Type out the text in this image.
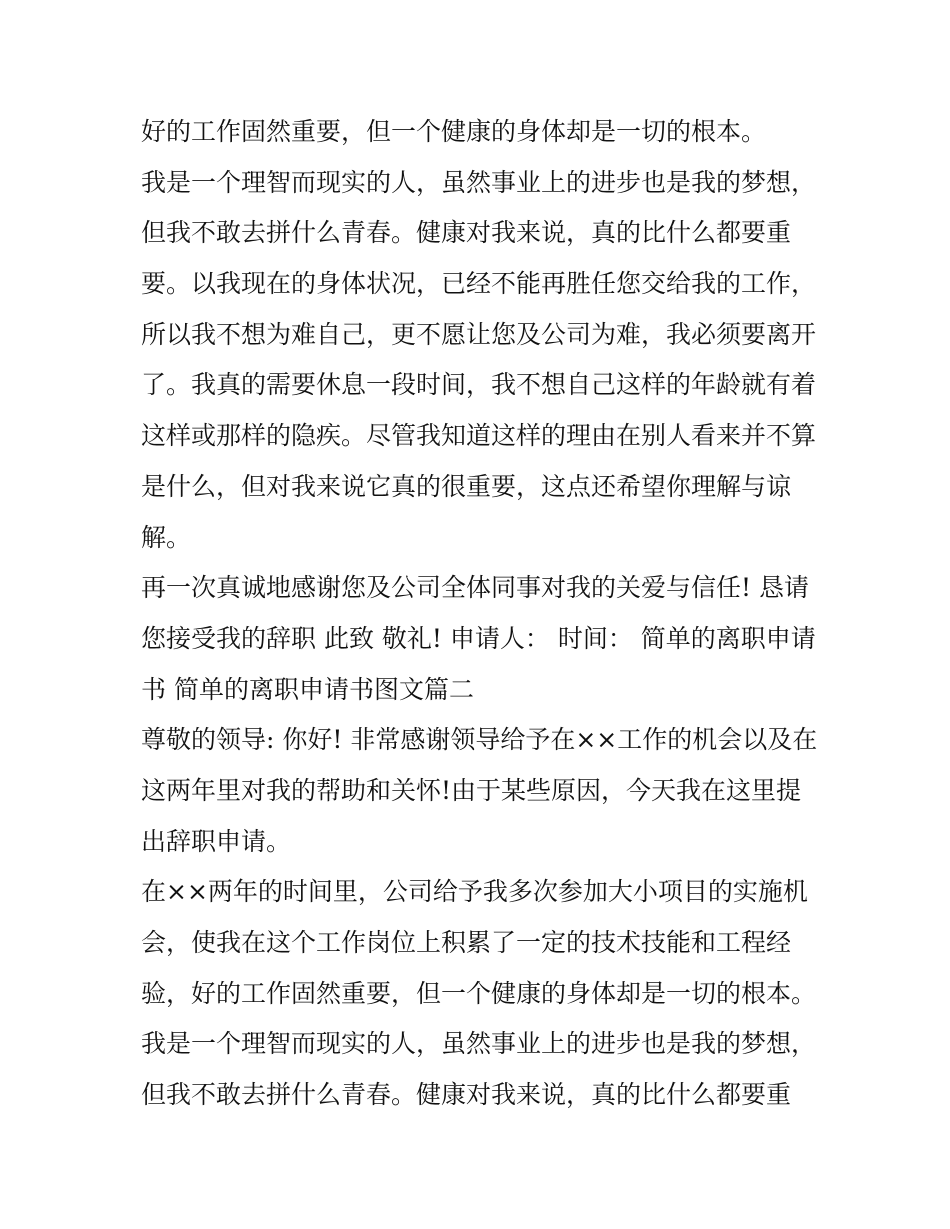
好的工作固然重要，但一个健康的身体却是一切的根本。

我是一个理智而现实的人，虽然事业上的进步也是我的梦想，
但我不敢去拼什么青春。健康对我来说，真的比什么都要重
要。以我现在的身体状况，已经不能再胜任您交给我的工作，
所以我不想为难自己，更不愿让您及公司为难，我必须要离开
了。我真的需要休息一段时间，我不想自己这样的年龄就有着
这样或那样的隐疾。尽管我知道这样的理由在别人看来并不算
是什么，但对我来说它真的很重要，这点还希望你理解与谅
解。

再一次真诚地感谢您及公司全体同事对我的关爱与信任! 恳请
您接受我的辞职 此致 敬礼! 申请人： 时间： 简单的离职申请
书 简单的离职申请书图文篇二

尊敬的领导: 你好! 非常感谢领导给予在××工作的机会以及在
这两年里对我的帮助和关怀!由于某些原因，今天我在这里提
出辞职申请。

在××两年的时间里，公司给予我多次参加大小项目的实施机
会，使我在这个工作岗位上积累了一定的技术技能和工程经
验，好的工作固然重要，但一个健康的身体却是一切的根本。

我是一个理智而现实的人，虽然事业上的进步也是我的梦想，
但我不敢去拼什么青春。健康对我来说，真的比什么都要重
